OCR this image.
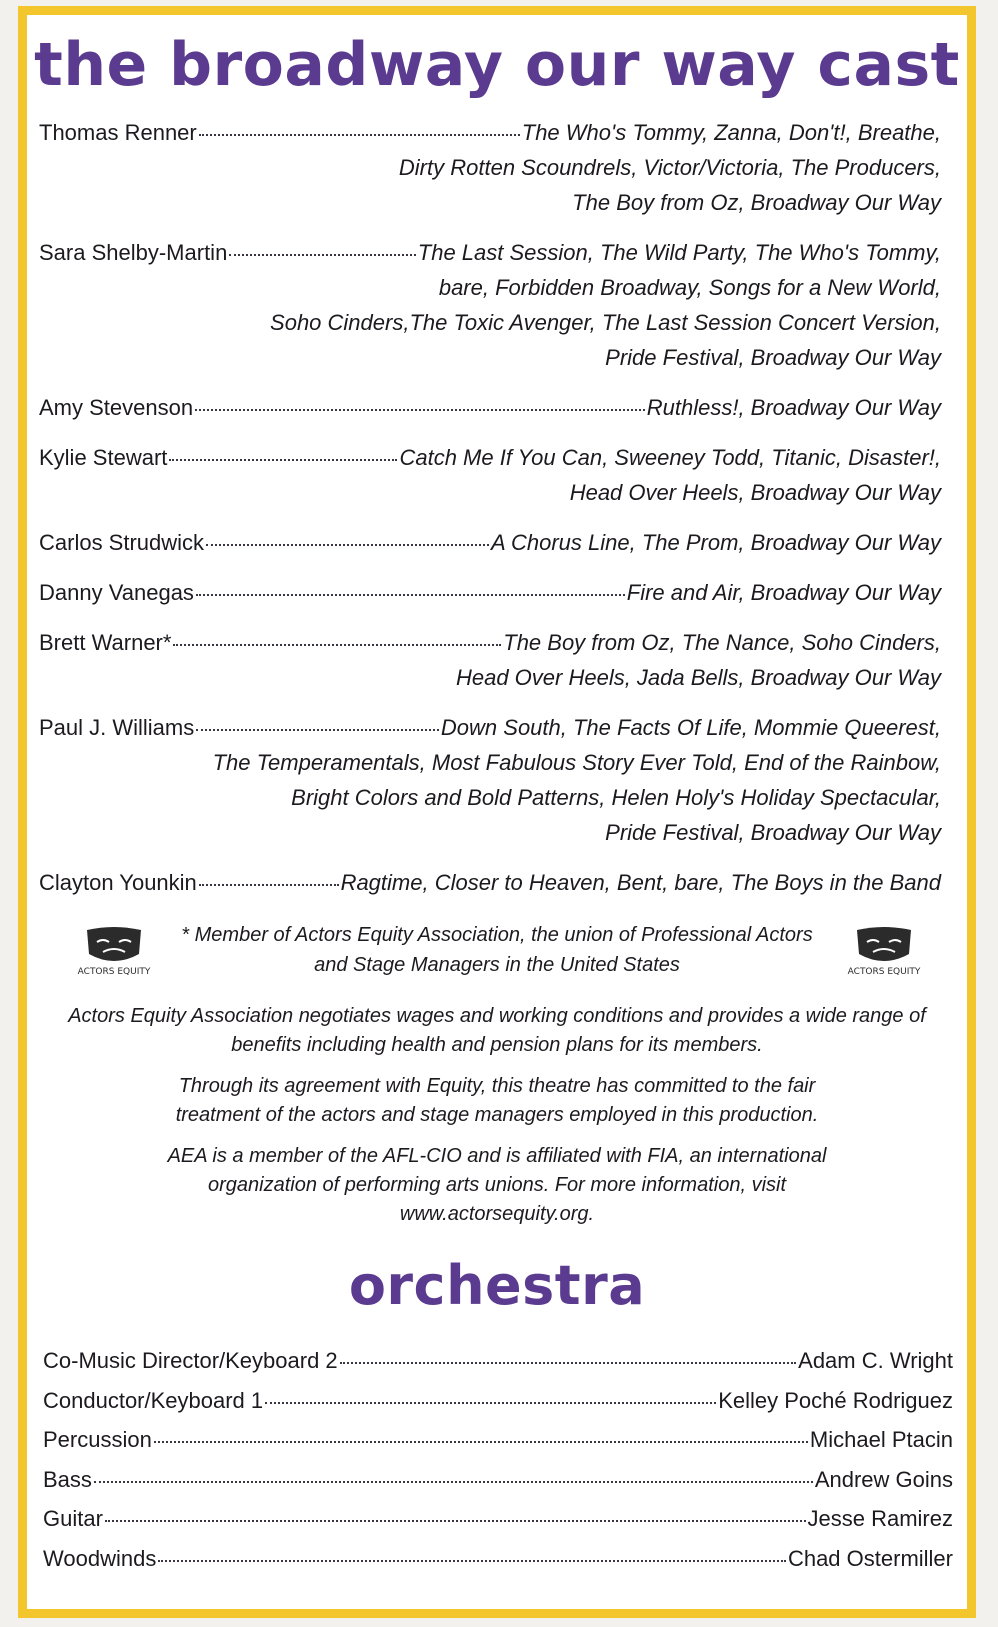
the broadway our way cast
Thomas Renner	The Who's Tommy, Zanna, Don't!, Breathe,
Dirty Rotten Scoundrels, Victor/Victoria, The Producers,
The Boy from Oz, Broadway Our Way
Sara Shelby-Martin	The Last Session, The Wild Party, The Who's Tommy,
bare, Forbidden Broadway, Songs for a New World,
Soho Cinders,The Toxic Avenger, The Last Session Concert Version,
Pride Festival, Broadway Our Way
Amy Stevenson	Ruthless!, Broadway Our Way
Kylie Stewart	Catch Me If You Can, Sweeney Todd, Titanic, Disaster!,
Head Over Heels, Broadway Our Way
Carlos Strudwick	A Chorus Line, The Prom, Broadway Our Way
Danny Vanegas	Fire and Air, Broadway Our Way
Brett Warner*	The Boy from Oz, The Nance, Soho Cinders,
Head Over Heels, Jada Bells, Broadway Our Way
Paul J. Williams	Down South, The Facts Of Life, Mommie Queerest,
The Temperamentals, Most Fabulous Story Ever Told, End of the Rainbow,
Bright Colors and Bold Patterns, Helen Holy's Holiday Spectacular,
Pride Festival, Broadway Our Way
Clayton Younkin	Ragtime, Closer to Heaven, Bent, bare, The Boys in the Band
ACTORS EQUITY	ACTORS EQUITY
* Member of Actors Equity Association, the union of Professional Actors
and Stage Managers in the United States
Actors Equity Association negotiates wages and working conditions and provides a wide range of benefits including health and pension plans for its members.
Through its agreement with Equity, this theatre has committed to the fair treatment of the actors and stage managers employed in this production.
AEA is a member of the AFL-CIO and is affiliated with FIA, an international organization of performing arts unions. For more information, visit www.actorsequity.org.
orchestra
Co-Music Director/Keyboard 2	Adam C. Wright
Conductor/Keyboard 1	Kelley Poché Rodriguez
Percussion	Michael Ptacin
Bass	Andrew Goins
Guitar	Jesse Ramirez
Woodwinds	Chad Ostermiller
